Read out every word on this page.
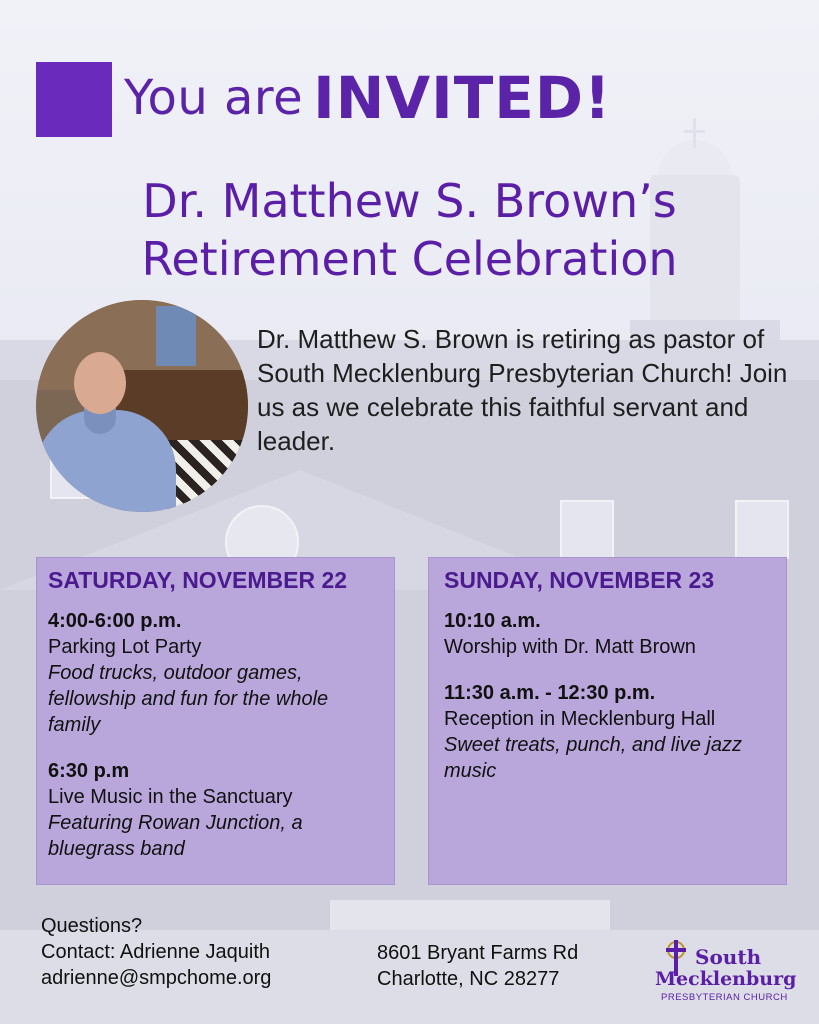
You are INVITED!
Dr. Matthew S. Brown’s
Retirement Celebration
Dr. Matthew S. Brown is retiring as pastor of South Mecklenburg Presbyterian Church! Join us as we celebrate this faithful servant and leader.
SATURDAY, NOVEMBER 22
4:00-6:00 p.m.
Parking Lot Party
Food trucks, outdoor games, fellowship and fun for the whole family
6:30 p.m
Live Music in the Sanctuary
Featuring Rowan Junction, a bluegrass band
SUNDAY, NOVEMBER 23
10:10 a.m.
Worship with Dr. Matt Brown
11:30 a.m. - 12:30 p.m.
Reception in Mecklenburg Hall
Sweet treats, punch, and live jazz music
Questions?
Contact: Adrienne Jaquith
adrienne@smpchome.org
8601 Bryant Farms Rd
Charlotte, NC 28277
South
Mecklenburg
PRESBYTERIAN CHURCH
